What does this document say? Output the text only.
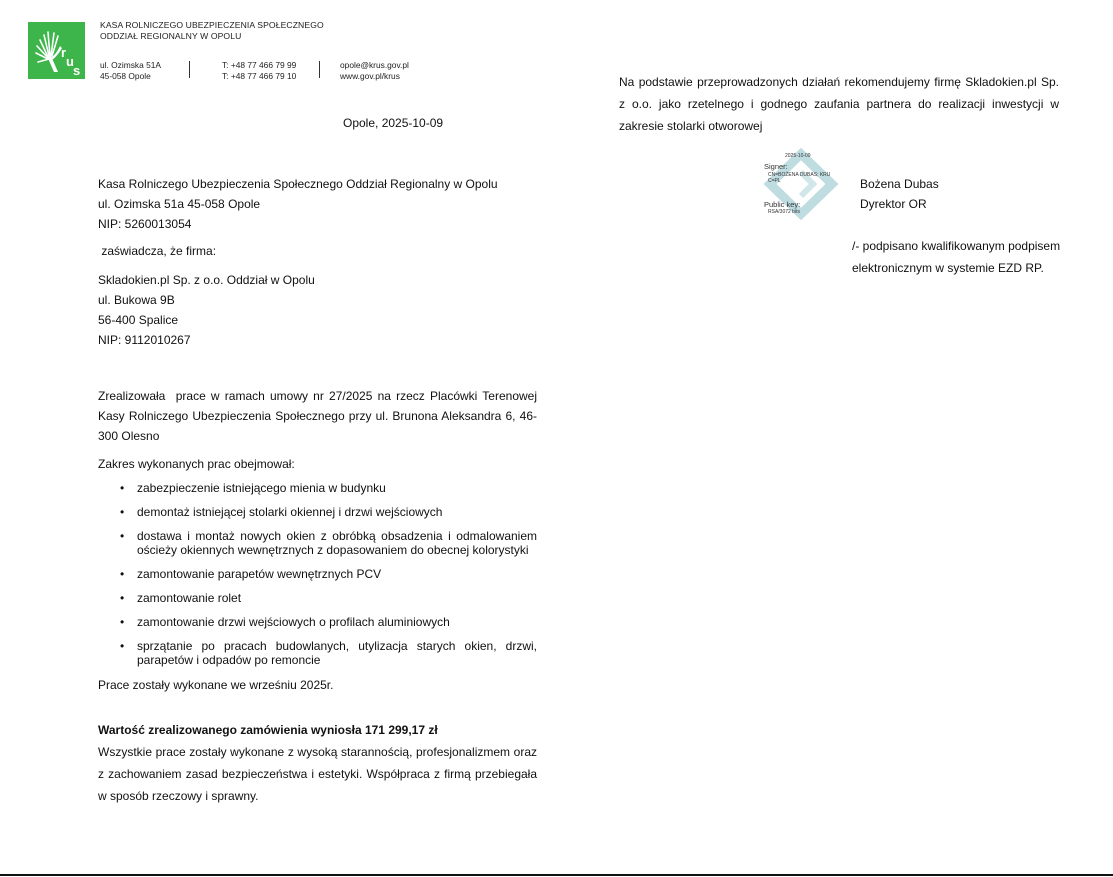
r
u
s
KASA ROLNICZEGO UBEZPIECZENIA SPOŁECZNEGO
ODDZIAŁ REGIONALNY W OPOLU
ul. Ozimska 51A
45-058 Opole
T: +48 77 466 79 99
T: +48 77 466 79 10
opole@krus.gov.pl
www.gov.pl/krus
Opole, 2025-10-09
Kasa Rolniczego Ubezpieczenia Społecznego Oddział Regionalny w Opolu
ul. Ozimska 51a 45-058 Opole
NIP: 5260013054
zaświadcza, że firma:
Skladokien.pl Sp. z o.o. Oddział w Opolu
ul. Bukowa 9B
56-400 Spalice
NIP: 9112010267
Zrealizowała  prace w ramach umowy nr 27/2025 na rzecz Placówki Terenowej Kasy Rolniczego Ubezpieczenia Społecznego przy ul. Brunona Aleksandra 6, 46-300 Olesno
Zakres wykonanych prac obejmował:
• zabezpieczenie istniejącego mienia w budynku
• demontaż istniejącej stolarki okiennej i drzwi wejściowych
• dostawa i montaż nowych okien z obróbką obsadzenia i odmalowaniem ościeży okiennych wewnętrznych z dopasowaniem do obecnej kolorystyki
• zamontowanie parapetów wewnętrznych PCV
• zamontowanie rolet
• zamontowanie drzwi wejściowych o profilach aluminiowych
• sprzątanie po pracach budowlanych, utylizacja starych okien, drzwi, parapetów i odpadów po remoncie
Prace zostały wykonane we wrześniu 2025r.
Wartość zrealizowanego zamówienia wyniosła 171 299,17 zł
Wszystkie prace zostały wykonane z wysoką starannością, profesjonalizmem oraz z zachowaniem zasad bezpieczeństwa i estetyki. Współpraca z firmą przebiegała w sposób rzeczowy i sprawny.
Na podstawie przeprowadzonych działań rekomendujemy firmę Skladokien.pl Sp. z o.o. jako rzetelnego i godnego zaufania partnera do realizacji inwestycji w zakresie stolarki otworowej
2025-10-09
Signer:
CN=BOŻENA DUBAS; KRU
C=PL
Public key:
RSA/3072 bits
Bożena Dubas
Dyrektor OR
/- podpisano kwalifikowanym podpisem
elektronicznym w systemie EZD RP.
